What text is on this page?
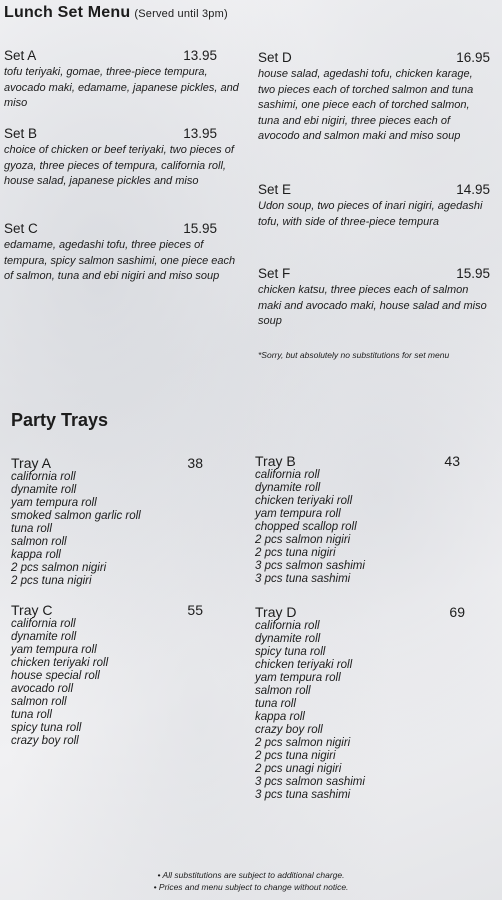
Lunch Set Menu (Served until 3pm)
Set A	13.95
tofu teriyaki, gomae, three-piece tempura, avocado maki, edamame, japanese pickles, and miso
Set B	13.95
choice of chicken or beef teriyaki, two pieces of gyoza, three pieces of tempura, california roll, house salad, japanese pickles and miso
Set C	15.95
edamame, agedashi tofu, three pieces of tempura, spicy salmon sashimi, one piece each of salmon, tuna and ebi nigiri and miso soup
Set D	16.95
house salad, agedashi tofu, chicken karage, two pieces each of torched salmon and tuna sashimi, one piece each of torched salmon, tuna and ebi nigiri, three pieces each of avocodo and salmon maki and miso soup
Set E	14.95
Udon soup, two pieces of inari nigiri, agedashi tofu, with side of three-piece tempura
Set F	15.95
chicken katsu, three pieces each of salmon maki and avocado maki, house salad and miso soup
*Sorry, but absolutely no substitutions for set menu
Party Trays
Tray A	38
california roll
dynamite roll
yam tempura roll
smoked salmon garlic roll
tuna roll
salmon roll
kappa roll
2 pcs salmon nigiri
2 pcs tuna nigiri
Tray B	43
california roll
dynamite roll
chicken teriyaki roll
yam tempura roll
chopped scallop roll
2 pcs salmon nigiri
2 pcs tuna nigiri
3 pcs salmon sashimi
3 pcs tuna sashimi
Tray C	55
california roll
dynamite roll
yam tempura roll
chicken teriyaki roll
house special roll
avocado roll
salmon roll
tuna roll
spicy tuna roll
crazy boy roll
Tray D	69
california roll
dynamite roll
spicy tuna roll
chicken teriyaki roll
yam tempura roll
salmon roll
tuna roll
kappa roll
crazy boy roll
2 pcs salmon nigiri
2 pcs tuna nigiri
2 pcs unagi nigiri
3 pcs salmon sashimi
3 pcs tuna sashimi
• All substitutions are subject to additional charge.
• Prices and menu subject to change without notice.
